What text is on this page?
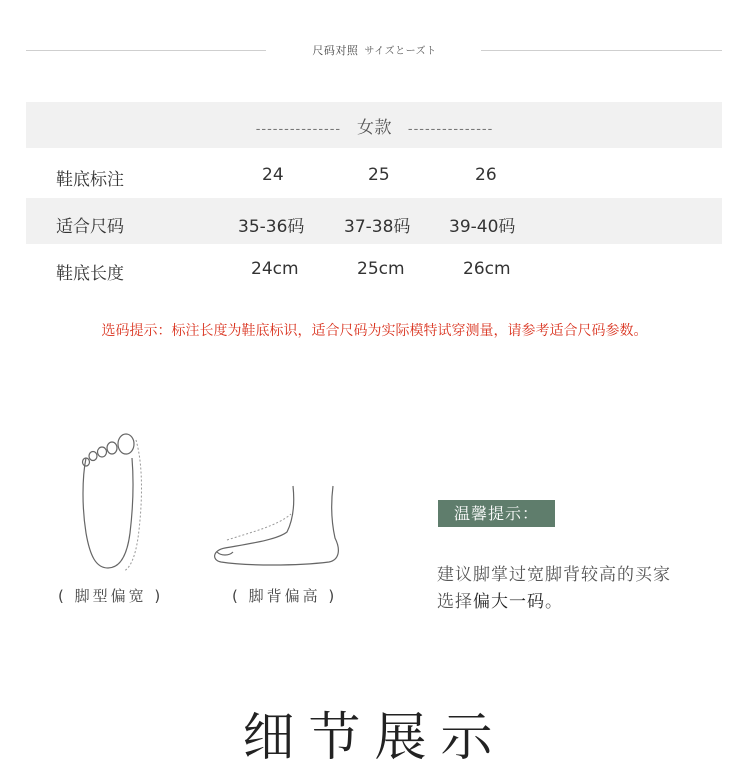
尺码对照 サイズとーズト
--------------- 女款 ---------------
鞋底标注	24	25	26
适合尺码	35-36码 37-38码 39-40码
鞋底长度	24cm	25cm	26cm
选码提示：标注长度为鞋底标识，适合尺码为实际模特试穿测量，请参考适合尺码参数。
( 脚型偏宽 )	( 脚背偏高 )
温馨提示：
建议脚掌过宽脚背较高的买家
选择偏大一码。
细节展示
